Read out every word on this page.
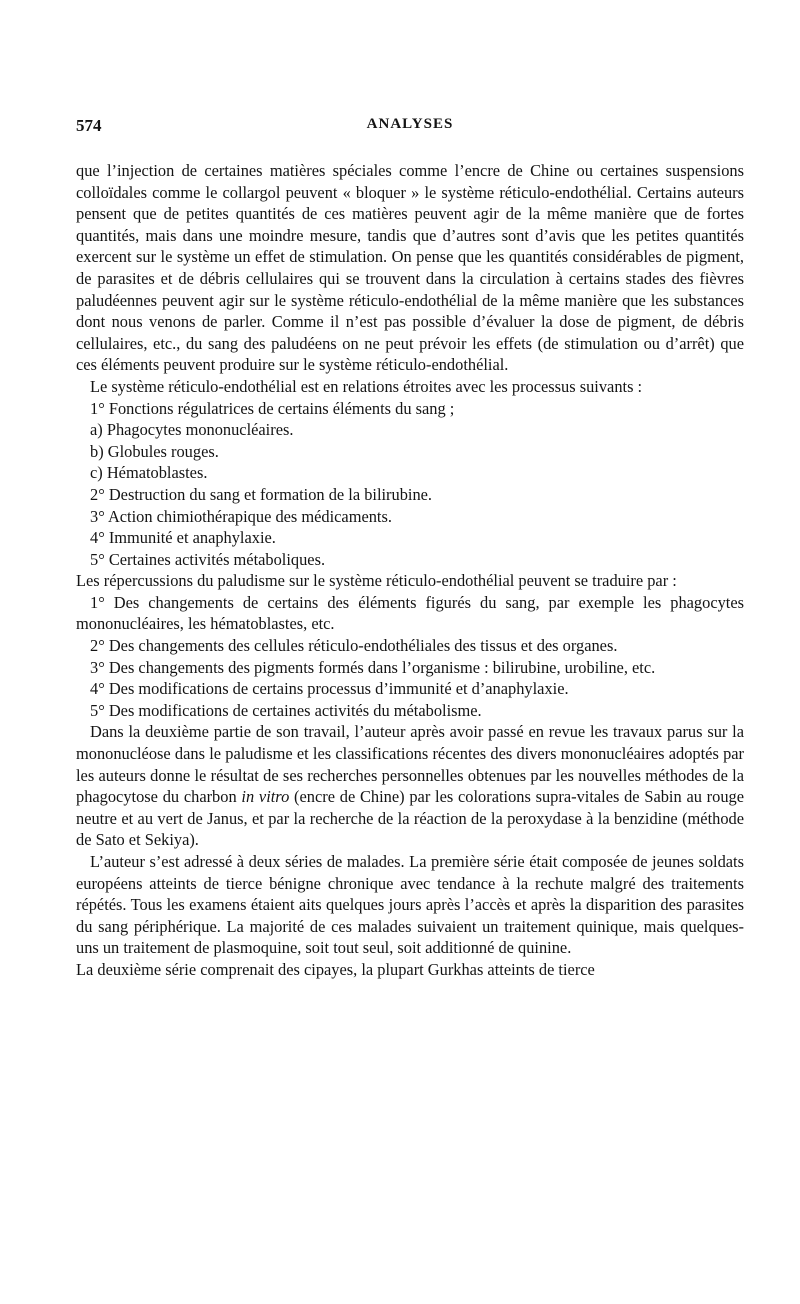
574	ANALYSES

que l’injection de certaines matières spéciales comme l’encre de Chine ou certaines suspensions colloïdales comme le collargol peuvent « bloquer » le système réticulo-endothélial. Certains auteurs pensent que de petites quantités de ces matières peuvent agir de la même manière que de fortes quantités, mais dans une moindre mesure, tandis que d’autres sont d’avis que les petites quantités exercent sur le système un effet de stimulation. On pense que les quantités considérables de pigment, de parasites et de débris cellulaires qui se trouvent dans la circulation à certains stades des fièvres paludéennes peuvent agir sur le système réticulo-endothélial de la même manière que les substances dont nous venons de parler. Comme il n’est pas possible d’évaluer la dose de pigment, de débris cellulaires, etc., du sang des paludéens on ne peut prévoir les effets (de stimulation ou d’arrêt) que ces éléments peuvent produire sur le système réticulo-endothélial.

Le système réticulo-endothélial est en relations étroites avec les processus suivants :

1° Fonctions régulatrices de certains éléments du sang ;

a) Phagocytes mononucléaires.

b) Globules rouges.

c) Hématoblastes.

2° Destruction du sang et formation de la bilirubine.

3° Action chimiothérapique des médicaments.

4° Immunité et anaphylaxie.

5° Certaines activités métaboliques.

Les répercussions du paludisme sur le système réticulo-endothélial peuvent se traduire par :

1° Des changements de certains des éléments figurés du sang, par exemple les phagocytes mononucléaires, les hématoblastes, etc.

2° Des changements des cellules réticulo-endothéliales des tissus et des organes.

3° Des changements des pigments formés dans l’organisme : bilirubine, urobiline, etc.

4° Des modifications de certains processus d’immunité et d’anaphylaxie.

5° Des modifications de certaines activités du métabolisme.

Dans la deuxième partie de son travail, l’auteur après avoir passé en revue les travaux parus sur la mononucléose dans le paludisme et les classifications récentes des divers mononucléaires adoptés par les auteurs donne le résultat de ses recherches personnelles obtenues par les nouvelles méthodes de la phagocytose du charbon in vitro (encre de Chine) par les colorations supra-vitales de Sabin au rouge neutre et au vert de Janus, et par la recherche de la réaction de la peroxydase à la benzidine (méthode de Sato et Sekiya).

L’auteur s’est adressé à deux séries de malades. La première série était composée de jeunes soldats européens atteints de tierce bénigne chronique avec tendance à la rechute malgré des traitements répétés. Tous les examens étaient aits quelques jours après l’accès et après la disparition des parasites du sang périphérique. La majorité de ces malades suivaient un traitement quinique, mais quelques-uns un traitement de plasmoquine, soit tout seul, soit additionné de quinine.

La deuxième série comprenait des cipayes, la plupart Gurkhas atteints de tierce
